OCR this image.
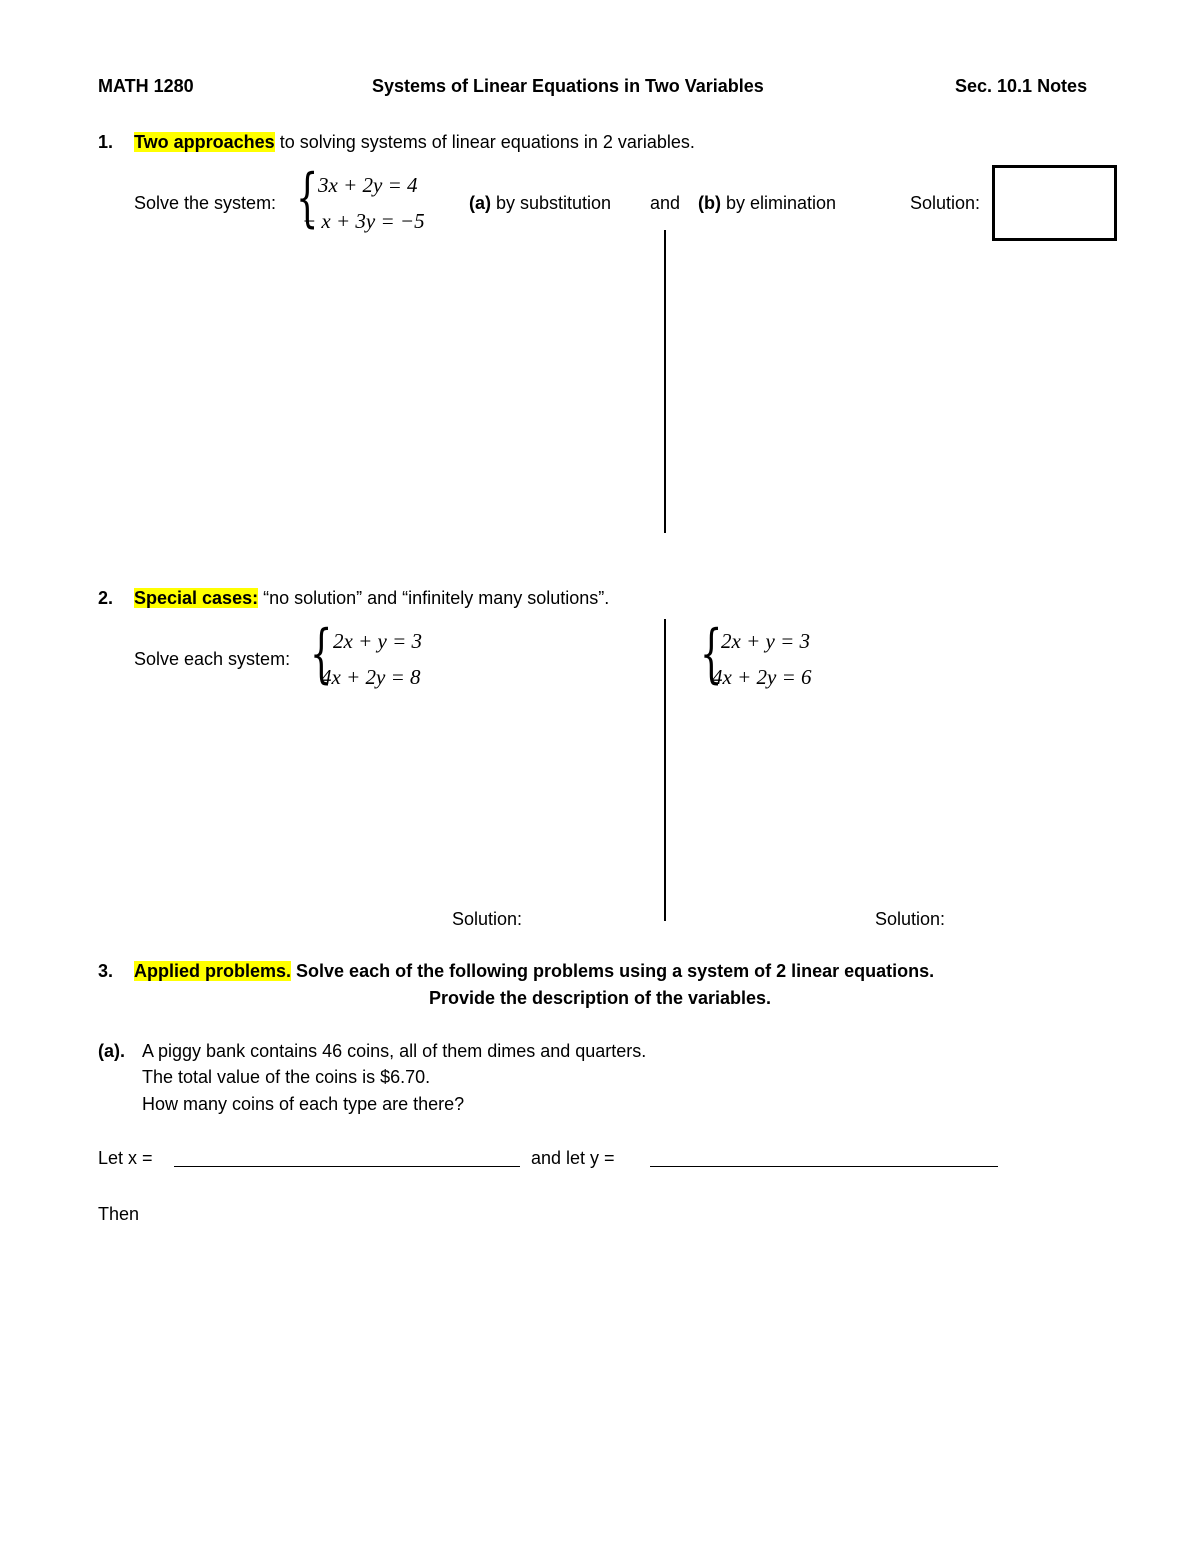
MATH 1280	Systems of Linear Equations in Two Variables	Sec. 10.1 Notes
1. Two approaches to solving systems of linear equations in 2 variables.
Solve the system: { 3x + 2y = 4
− x + 3y = −5
(a) by substitution and (b) by elimination	Solution:
2. Special cases: “no solution” and “infinitely many solutions”.
Solve each system: { 2x + y = 3
4x + 2y = 8	{
2x + y = 3
4x + 2y = 6
Solution:	Solution:
3. Applied problems. Solve each of the following problems using a system of 2 linear equations.
Provide the description of the variables.
(a). A piggy bank contains 46 coins, all of them dimes and quarters.
The total value of the coins is $6.70.
How many coins of each type are there?
Let x =	and let y =
Then
